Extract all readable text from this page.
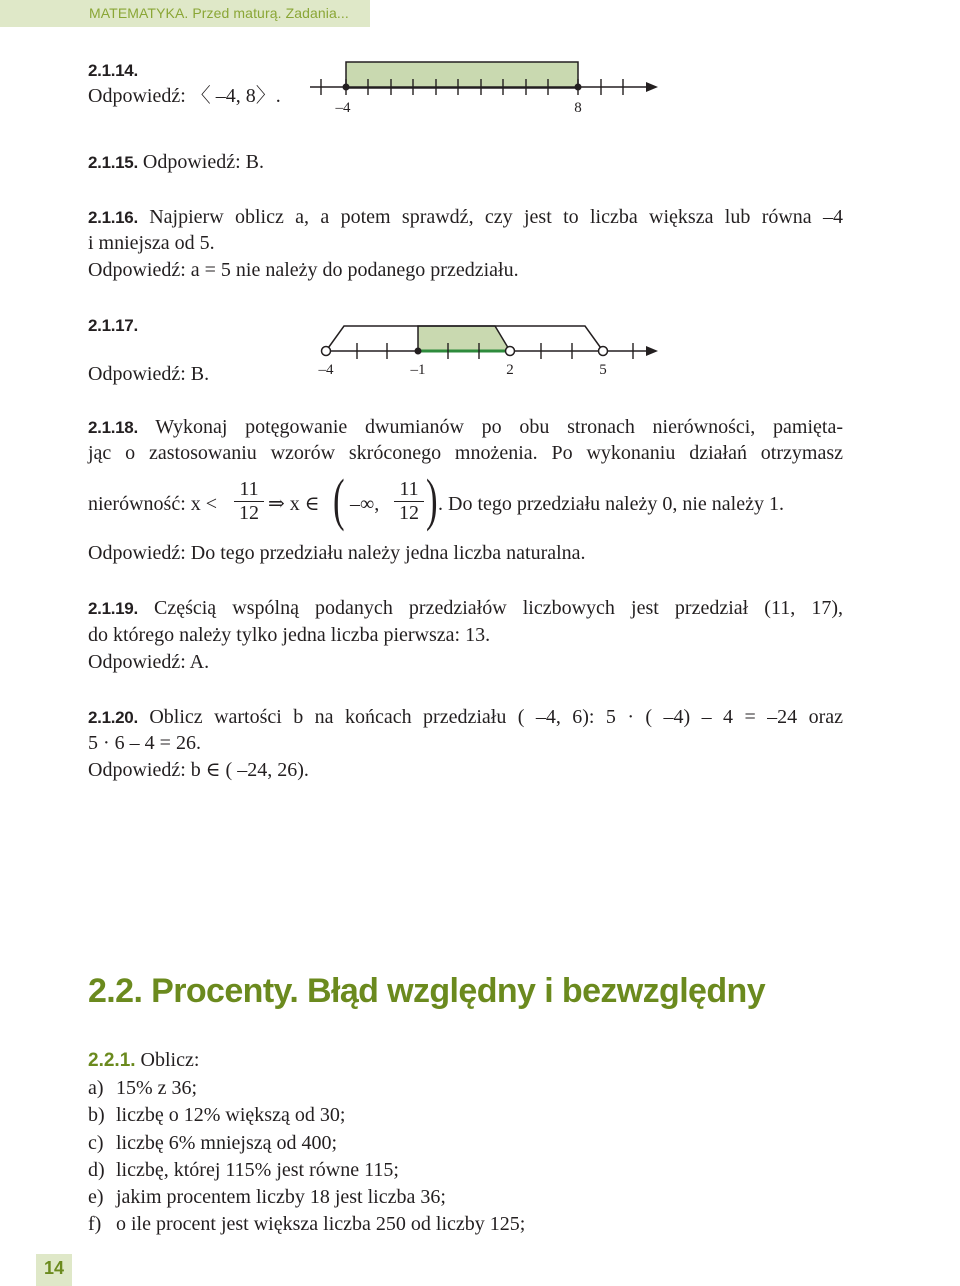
MATEMATYKA. Przed maturą. Zadania...
2.1.14.
Odpowiedź: 〈 –4, 8〉.
–4	8
2.1.15. Odpowiedź: B.
2.1.16. Najpierw oblicz a, a potem sprawdź, czy jest to liczba większa lub równa –4
i mniejsza od 5.
Odpowiedź: a = 5 nie należy do podanego przedziału.
2.1.17.
Odpowiedź: B.	–4	–1	2	5
2.1.18. Wykonaj potęgowanie dwumianów po obu stronach nierówności, pamięta-
jąc o zastosowaniu wzorów skróconego mnożenia. Po wykonaniu działań otrzymasz
nierówność: x <
11
12 ⇒ x ∈ ( –∞,
11
12 ) . Do tego przedziału należy 0, nie należy 1.
Odpowiedź: Do tego przedziału należy jedna liczba naturalna.
2.1.19. Częścią wspólną podanych przedziałów liczbowych jest przedział (11, 17),
do którego należy tylko jedna liczba pierwsza: 13.
Odpowiedź: A.
2.1.20. Oblicz wartości b na końcach przedziału ( –4, 6): 5 · ( –4) – 4 = –24 oraz
5 · 6 – 4 = 26.
Odpowiedź: b ∈ ( –24, 26).
2.2. Procenty. Błąd względny i bezwzględny
2.2.1. Oblicz:
a) 15% z 36;
b) liczbę o 12% większą od 30;
c) liczbę 6% mniejszą od 400;
d) liczbę, której 115% jest równe 115;
e) jakim procentem liczby 18 jest liczba 36;
f) o ile procent jest większa liczba 250 od liczby 125;
14
